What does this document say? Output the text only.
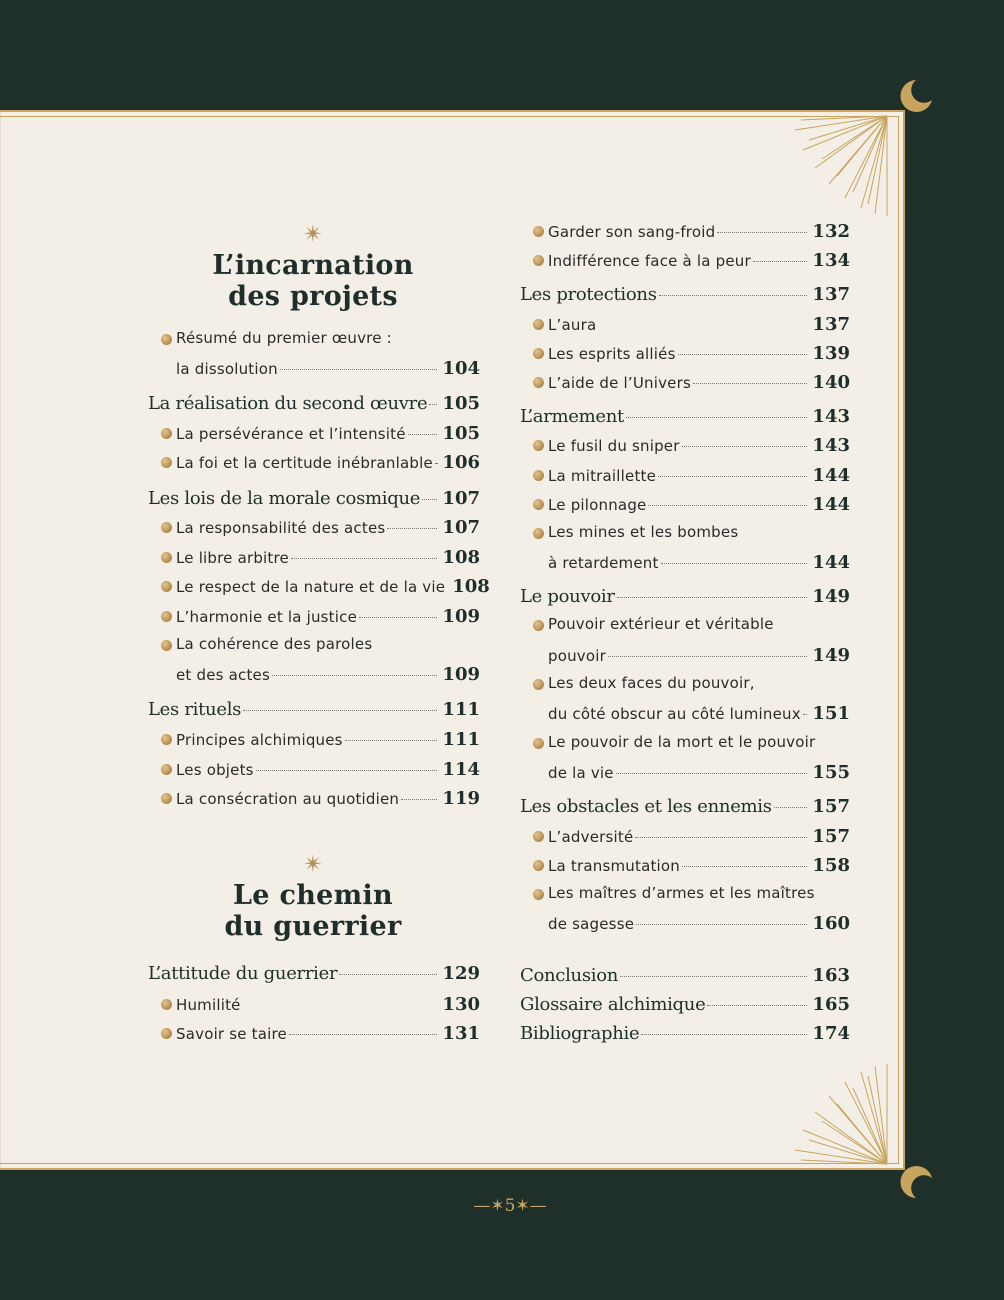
✴
L’incarnation
des projets
Résumé du premier œuvre :
la dissolution	104
La réalisation du second œuvre 105
La persévérance et l’intensité 105
La foi et la certitude inébranlable 106
Les lois de la morale cosmique 107
La responsabilité des actes	107
Le libre arbitre	108
Le respect de la nature et de la vie 108
L’harmonie et la justice	109
La cohérence des paroles
et des actes	109
Les rituels	111
Principes alchimiques	111
Les objets	114
La consécration au quotidien 119
✴
Le chemin
du guerrier
L’attitude du guerrier	129
Humilité	130
Savoir se taire	131
Garder son sang-froid	132
Indifférence face à la peur	134
Les protections	137
L’aura	137
Les esprits alliés	139
L’aide de l’Univers	140
L’armement	143
Le fusil du sniper	143
La mitraillette	144
Le pilonnage	144
Les mines et les bombes
à retardement	144
Le pouvoir	149
Pouvoir extérieur et véritable
pouvoir	149
Les deux faces du pouvoir,
du côté obscur au côté lumineux 151
Le pouvoir de la mort et le pouvoir
de la vie	155
Les obstacles et les ennemis 157
L’adversité	157
La transmutation	158
Les maîtres d’armes et les maîtres
de sagesse	160
Conclusion	163
Glossaire alchimique	165
Bibliographie	174
—✶5✶—
